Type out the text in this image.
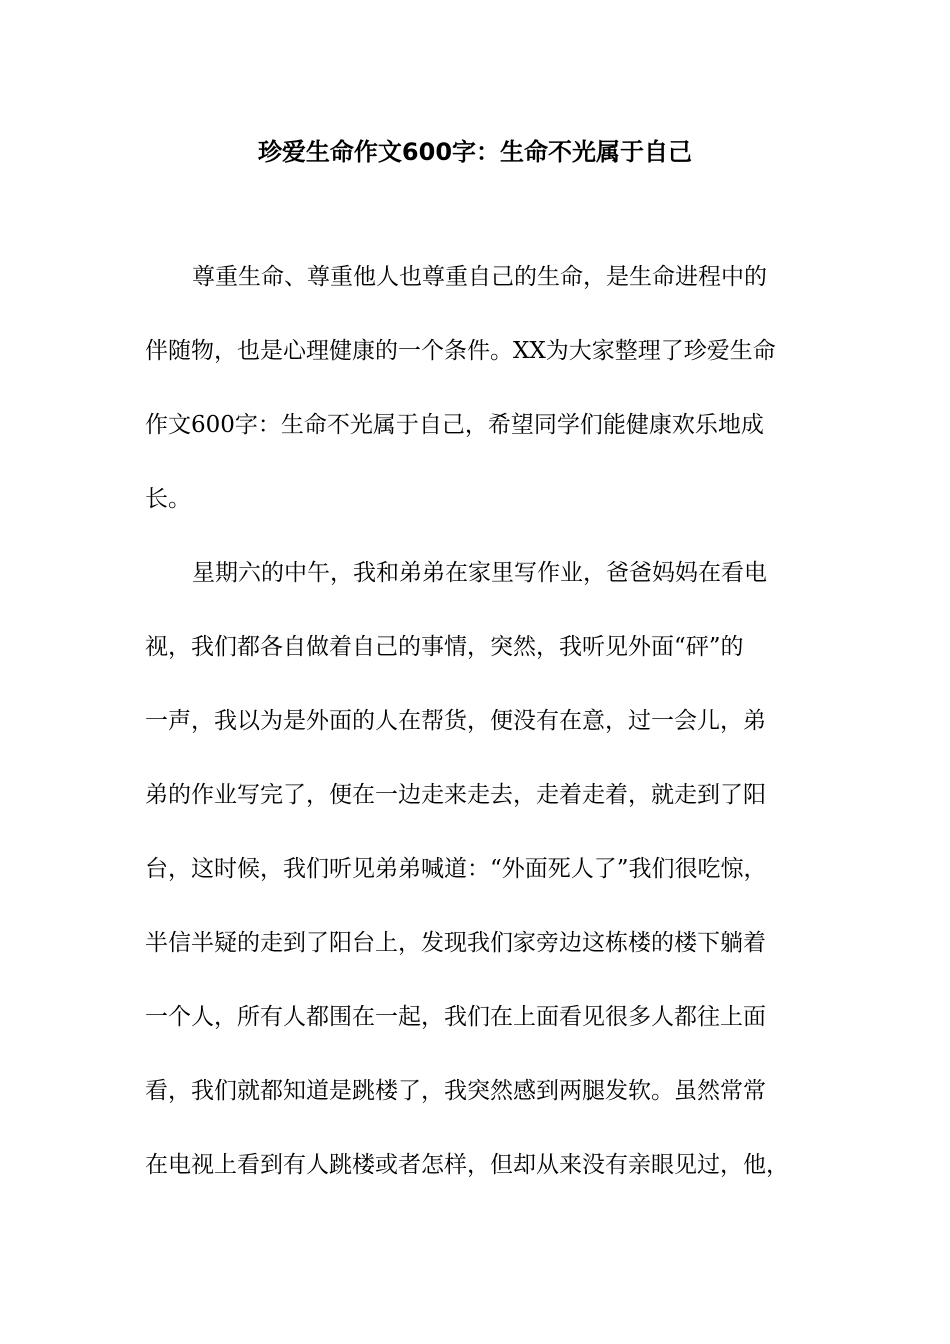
珍爱生命作文600字：生命不光属于自己
尊重生命、尊重他人也尊重自己的生命，是生命进程中的
伴随物，也是心理健康的一个条件。XX为大家整理了珍爱生命
作文600字：生命不光属于自己，希望同学们能健康欢乐地成
长。
星期六的中午，我和弟弟在家里写作业，爸爸妈妈在看电
视，我们都各自做着自己的事情，突然，我听见外面“砰”的
一声，我以为是外面的人在帮货，便没有在意，过一会儿，弟
弟的作业写完了，便在一边走来走去，走着走着，就走到了阳
台，这时候，我们听见弟弟喊道：“外面死人了”我们很吃惊，
半信半疑的走到了阳台上，发现我们家旁边这栋楼的楼下躺着
一个人，所有人都围在一起，我们在上面看见很多人都往上面
看，我们就都知道是跳楼了，我突然感到两腿发软。虽然常常
在电视上看到有人跳楼或者怎样，但却从来没有亲眼见过，他，
